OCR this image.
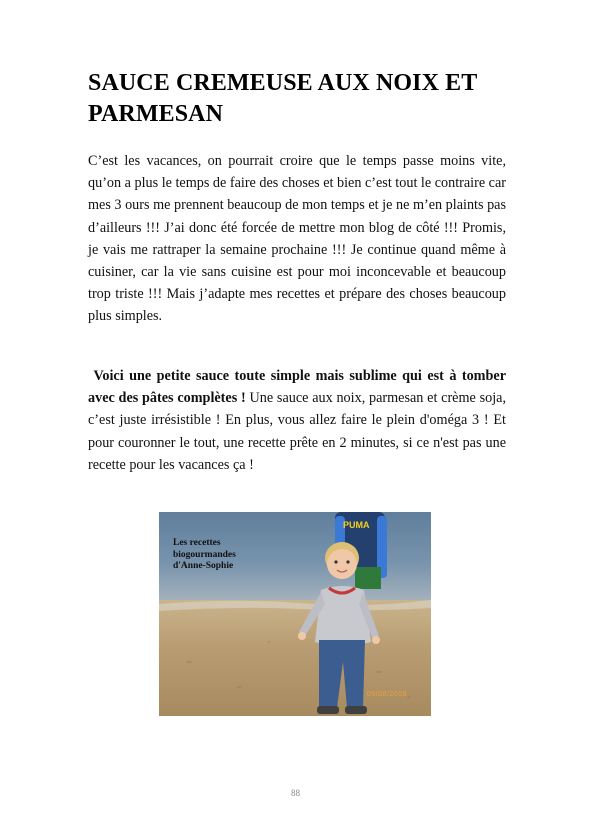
SAUCE CREMEUSE AUX NOIX ET PARMESAN
C’est les vacances, on pourrait croire que le temps passe moins vite, qu’on a plus le temps de faire des choses et bien c’est tout le contraire car mes 3 ours me prennent beaucoup de mon temps et je ne m’en plaints pas d’ailleurs !!! J’ai donc été forcée de mettre mon blog de côté !!! Promis, je vais me rattraper la semaine prochaine !!! Je continue quand même à cuisiner, car la vie sans cuisine est pour moi inconcevable et beaucoup trop triste !!! Mais j’adapte mes recettes et prépare des choses beaucoup plus simples.
Voici une petite sauce toute simple mais sublime qui est à tomber avec des pâtes complètes ! Une sauce aux noix, parmesan et crème soja, c’est juste irrésistible ! En plus, vous allez faire le plein d'oméga 3 ! Et pour couronner le tout, une recette prête en 2 minutes, si ce n'est pas une recette pour les vacances ça !
PUMA
Les recettes
biogourmandes
d'Anne-Sophie
09/08/2009
88
